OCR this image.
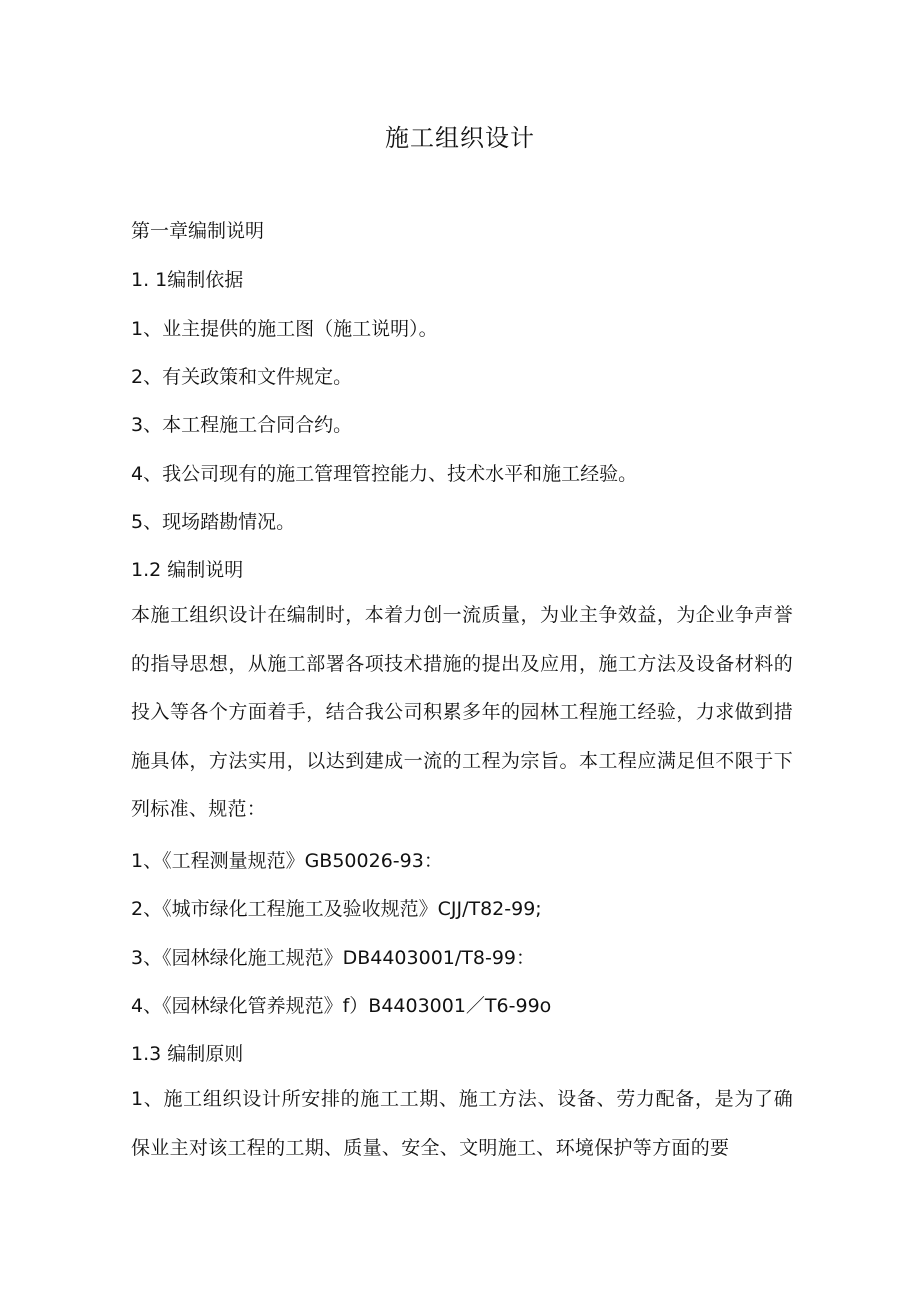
施工组织设计
第一章编制说明
1. 1编制依据
1、业主提供的施工图（施工说明）。
2、有关政策和文件规定。
3、本工程施工合同合约。
4、我公司现有的施工管理管控能力、技术水平和施工经验。
5、现场踏勘情况。
1.2 编制说明
本施工组织设计在编制时，本着力创一流质量，为业主争效益，为企业争声誉的指导思想，从施工部署各项技术措施的提出及应用，施工方法及设备材料的投入等各个方面着手，结合我公司积累多年的园林工程施工经验，力求做到措施具体，方法实用，以达到建成一流的工程为宗旨。本工程应满足但不限于下列标准、规范：
1、《工程测量规范》GB50026-93：
2、《城市绿化工程施工及验收规范》CJJ/T82-99;
3、《园林绿化施工规范》DB4403001/T8-99：
4、《园林绿化管养规范》f）B4403001／T6-99o
1.3 编制原则
1、施工组织设计所安排的施工工期、施工方法、设备、劳力配备，是为了确保业主对该工程的工期、质量、安全、文明施工、环境保护等方面的要
